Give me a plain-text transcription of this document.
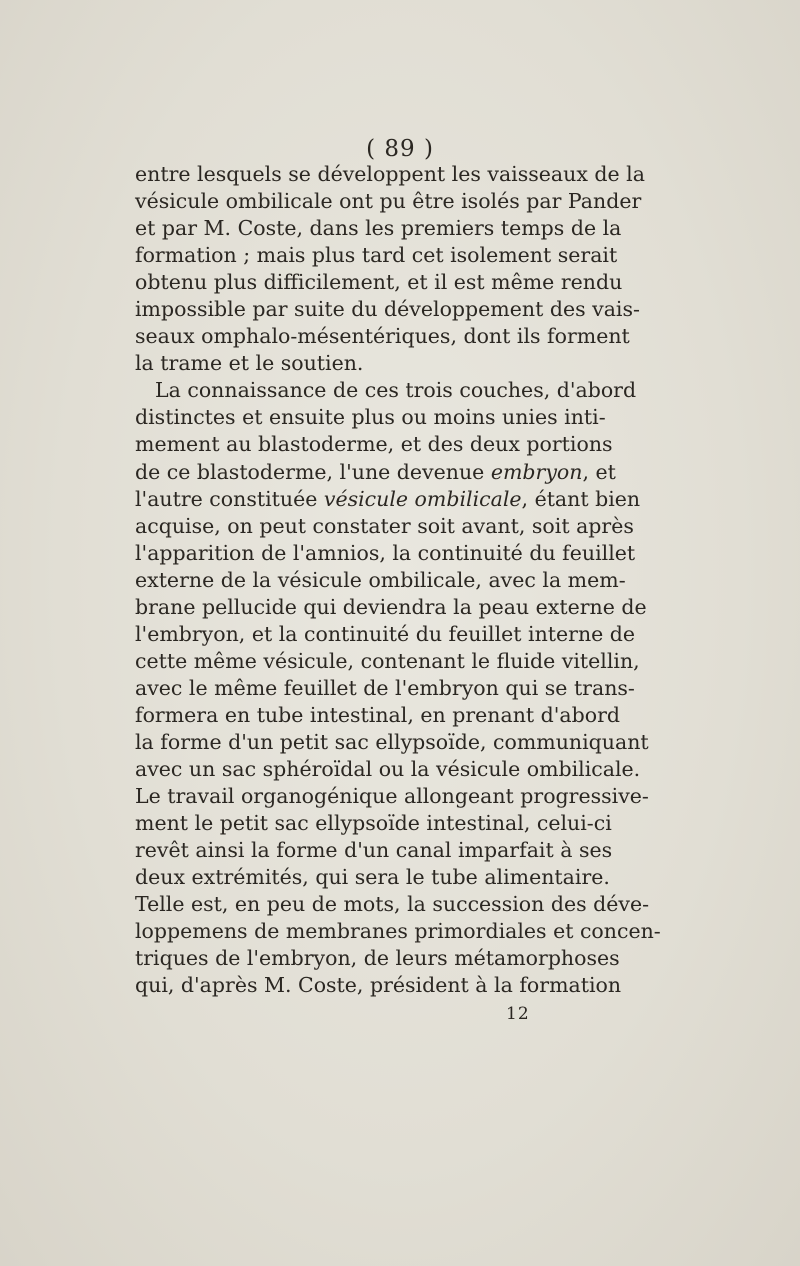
( 89 )
entre lesquels se développent les vaisseaux de la
vésicule ombilicale ont pu être isolés par Pander
et par M. Coste, dans les premiers temps de la
formation ; mais plus tard cet isolement serait
obtenu plus difficilement, et il est même rendu
impossible par suite du développement des vais-
seaux omphalo-mésentériques, dont ils forment
la trame et le soutien.
La connaissance de ces trois couches, d'abord
distinctes et ensuite plus ou moins unies inti-
mement au blastoderme, et des deux portions
de ce blastoderme, l'une devenue embryon, et
l'autre constituée vésicule ombilicale, étant bien
acquise, on peut constater soit avant, soit après
l'apparition de l'amnios, la continuité du feuillet
externe de la vésicule ombilicale, avec la mem-
brane pellucide qui deviendra la peau externe de
l'embryon, et la continuité du feuillet interne de
cette même vésicule, contenant le fluide vitellin,
avec le même feuillet de l'embryon qui se trans-
formera en tube intestinal, en prenant d'abord
la forme d'un petit sac ellypsoïde, communiquant
avec un sac sphéroïdal ou la vésicule ombilicale.
Le travail organogénique allongeant progressive-
ment le petit sac ellypsoïde intestinal, celui-ci
revêt ainsi la forme d'un canal imparfait à ses
deux extrémités, qui sera le tube alimentaire.
Telle est, en peu de mots, la succession des déve-
loppemens de membranes primordiales et concen-
triques de l'embryon, de leurs métamorphoses
qui, d'après M. Coste, président à la formation
12
